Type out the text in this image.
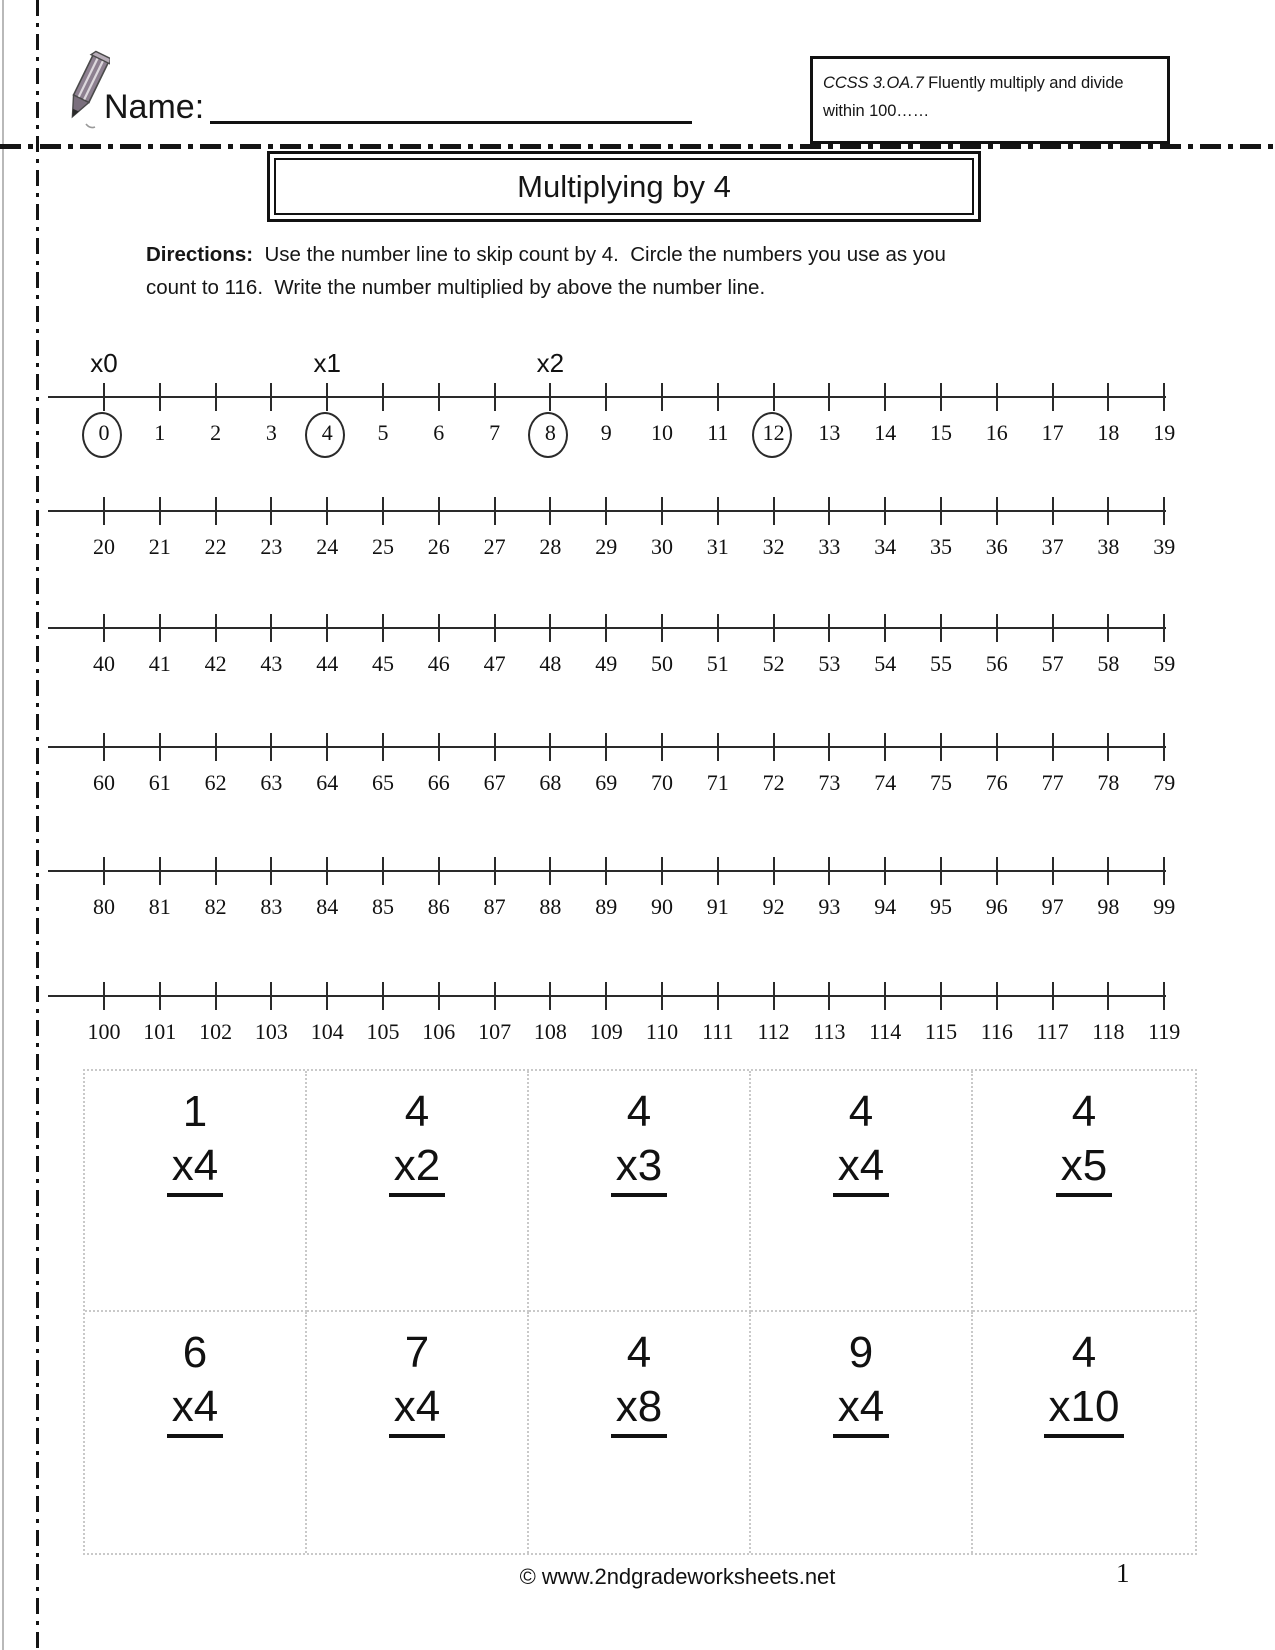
Name:
CCSS 3.OA.7 Fluently multiply and divide
within 100……
Multiplying by 4
Directions:  Use the number line to skip count by 4.  Circle the numbers you use as you
count to 116.  Write the number multiplied by above the number line.
0	1	2	3	4	5	6	7	8	9	10	11	12	13	14	15	16	17	18	19
x0	x1	x2
20	21	22	23	24	25	26	27	28	29	30	31	32	33	34	35	36	37	38	39
40	41	42	43	44	45	46	47	48	49	50	51	52	53	54	55	56	57	58	59
60	61	62	63	64	65	66	67	68	69	70	71	72	73	74	75	76	77	78	79
80	81	82	83	84	85	86	87	88	89	90	91	92	93	94	95	96	97	98	99
100	101	102	103	104	105	106	107	108	109	110	111	112	113	114	115	116	117	118	119
1
x4
4
x2
4
x3
4
x4
4
x5
6
x4
7
x4
4
x8
9
x4
4
x10
© www.2ndgradeworksheets.net	1
